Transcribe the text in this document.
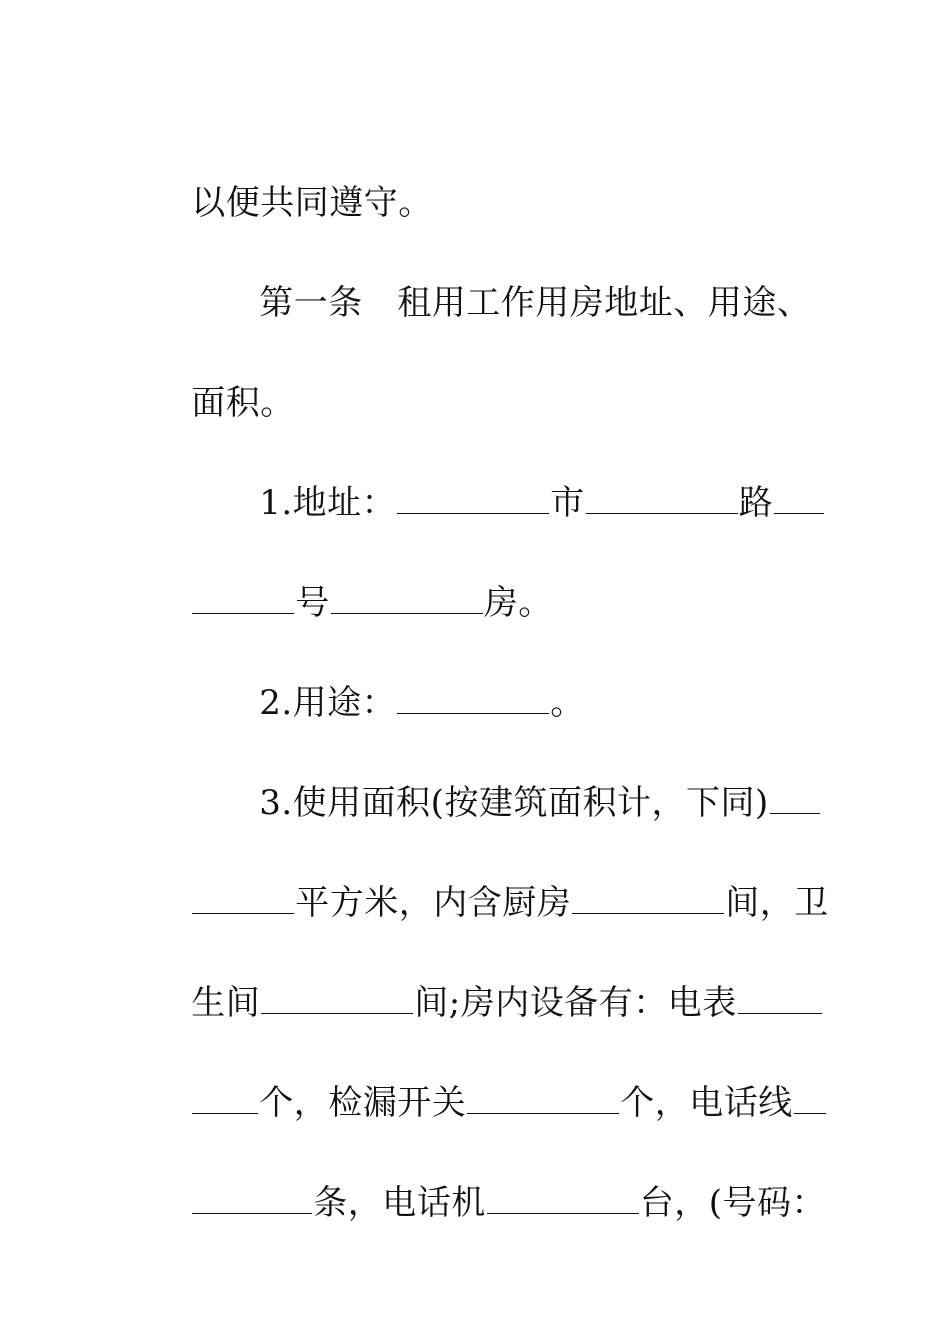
以便共同遵守。

第一条　租用工作用房地址、用途、

面积。

1.地址：	市	路

号	房。

2.用途：	。

3.使用面积(按建筑面积计，下同)

平方米，内含厨房	间，卫

生间	间;房内设备有：电表

个，检漏开关	个，电话线

条，电话机	台，(号码：
